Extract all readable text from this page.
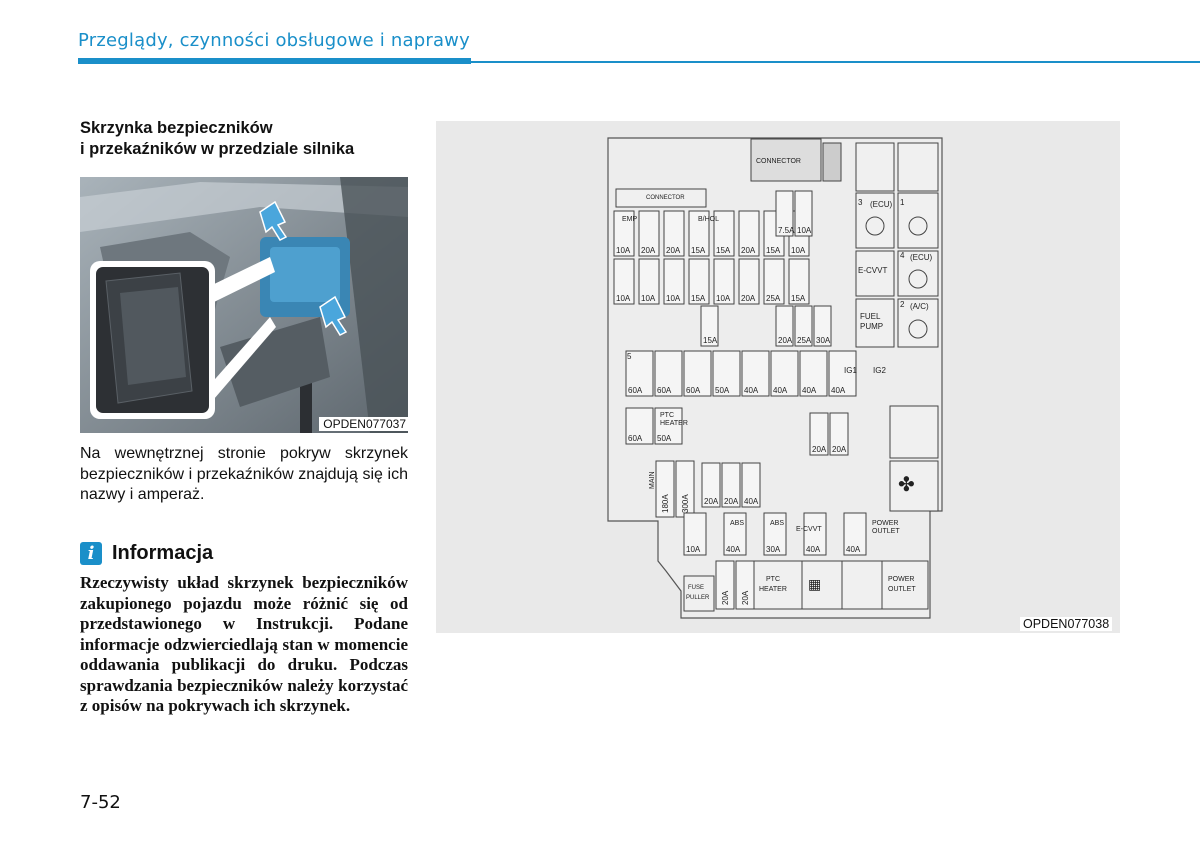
Przeglądy, czynności obsługowe i naprawy
Skrzynka bezpieczników
i przekaźników w przedziale silnika
OPDEN077037
Na wewnętrznej stronie pokryw skrzynek bezpieczników i przekaźników znajdują się ich nazwy i amperaż.
i Informacja
Rzeczywisty układ skrzynek bezpieczników zakupionego pojazdu może różnić się od przedstawionego w Instrukcji. Podane informacje odzwierciedlają stan w momencie oddawania publikacji do druku. Podczas sprawdzania bezpieczników należy korzystać z opisów na pokrywach ich skrzynek.
CONNECTOR
3 (ECU) 1
E-CVVT
4 (ECU)
FUEL
PUMP
2 (A/C)
✤
CONNECTOR
10A 20A 20A 15A 15A 20A 15A 10A
10A 10A 10A 15A 10A 20A 25A 15A
EMP	B/HOL
7.5A 10A
15A	20A 25A 30A
60A 60A 60A 50A 40A 40A 40A 40A
5
IG1 IG2
60A 50A
PTC
HEATER
20A 20A
180A 300A
MAIN
20A 20A 40A
10A	40A	30A	40A	40A
ABS	ABS
E-CVVT
POWER
OUTLET
FUSE
PULLER 20A 20A
PTC
HEATER ▦	POWER
OUTLET
OPDEN077038
7-52
